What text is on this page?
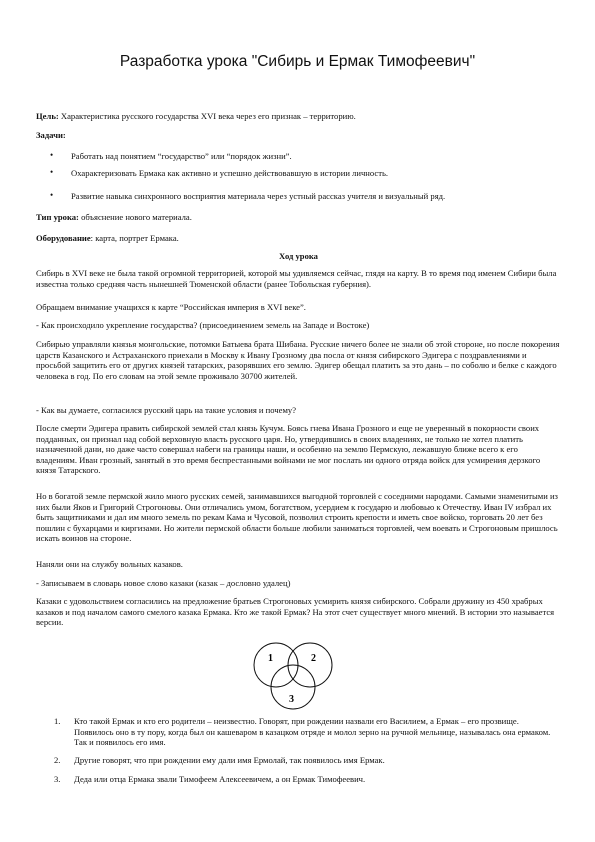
Разработка урока "Сибирь и Ермак Тимофеевич"
Цель: Характеристика русского государства XVI века через его признак – территорию.
Задачи:
• Работать над понятием “государство” или “порядок жизни”.
• Охарактеризовать Ермака как активно и успешно действовавшую в истории личность.
• Развитие навыка синхронного восприятия материала через устный рассказ учителя и визуальный ряд.
Тип урока: объяснение нового материала.
Оборудование: карта, портрет Ермака.
Ход урока
Сибирь в XVI веке не была такой огромной территорией, которой мы удивляемся сейчас, глядя на карту. В то время под именем Сибири была известна только средняя часть нынешней Тюменской области (ранее Тобольская губерния).
Обращаем внимание учащихся к карте “Российская империя в XVI веке”.
- Как происходило укрепление государства? (присоединением земель на Западе и Востоке)
Сибирью управляли князья монгольские, потомки Батыева брата Шибана. Русские ничего более не знали об этой стороне, но после покорения царств Казанского и Астраханского приехали в Москву к Ивану Грозному два посла от князя сибирского Эдигера с поздравлениями и просьбой защитить его от других князей татарских, разорявших его землю. Эдигер обещал платить за это дань – по соболю и белке с каждого человека в год. По его словам на этой земле проживало 30700 жителей.
- Как вы думаете, согласился русский царь на такие условия и почему?
После смерти Эдигера править сибирской землей стал князь Кучум. Боясь гнева Ивана Грозного и еще не уверенный в покорности своих подданных, он признал над собой верховную власть русского царя. Но, утвердившись в своих владениях, не только не хотел платить назначенной дани, но даже часто совершал набеги на границы наши, и особенно на землю Пермскую, лежавшую ближе всего к его владениям. Иван грозный, занятый в это время беспрестанными войнами не мог послать ни одного отряда войск для усмирения дерзкого князя Татарского.
Но в богатой земле пермской жило много русских семей, занимавшихся выгодной торговлей с соседними народами. Самыми знаменитыми из них были Яков и Григорий Строгоновы. Они отличались умом, богатством, усердием к государю и любовью к Отечеству. Иван IV избрал их быть защитниками и дал им много земель по рекам Кама и Чусовой, позволил строить крепости и иметь свое войско, торговать 20 лет без пошлин с бухарцами и киргизами. Но жители пермской области больше любили заниматься торговлей, чем воевать и Строгоновым пришлось искать воинов на стороне.
Наняли они на службу вольных казаков.
- Записываем в словарь новое слово казаки (казак – дословно удалец)
Казаки с удовольствием согласились на предложение братьев Строгоновых усмирить князя сибирского. Собрали дружину из 450 храбрых казаков и под началом самого смелого казака Ермака. Кто же такой Ермак? На этот счет существует много мнений. В истории это называется версии.
1	2
3
1. Кто такой Ермак и кто его родители – неизвестно. Говорят, при рождении назвали его Василием, а Ермак – его прозвище. Появилось оно в ту пору, когда был он кашеваром в казацком отряде и молол зерно на ручной мельнице, называлась она ермаком. Так и появилось его имя.
2. Другие говорят, что при рождении ему дали имя Ермолай, так появилось имя Ермак.
3. Деда или отца Ермака звали Тимофеем Алексеевичем, а он Ермак Тимофеевич.
